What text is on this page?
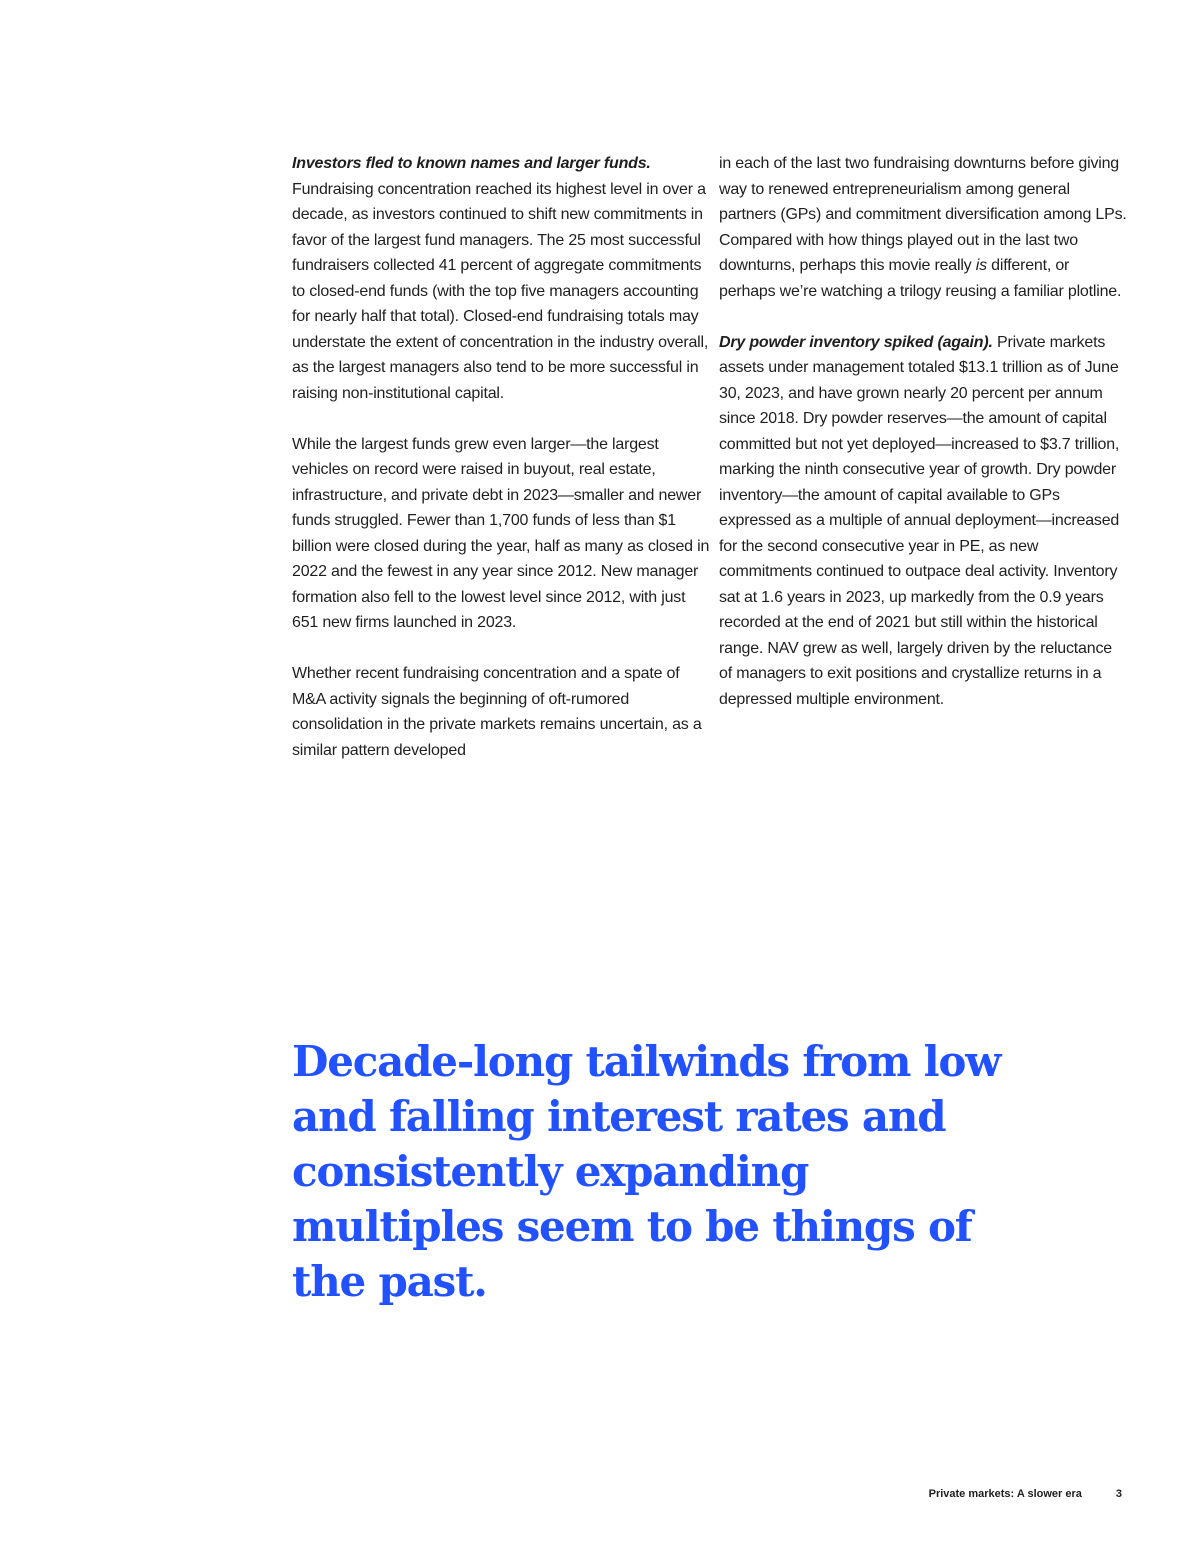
Investors fled to known names and larger funds. Fundraising concentration reached its highest level in over a decade, as investors continued to shift new commitments in favor of the largest fund managers. The 25 most successful fundraisers collected 41 percent of aggregate commitments to closed-end funds (with the top five managers accounting for nearly half that total). Closed-end fundraising totals may understate the extent of concentration in the industry overall, as the largest managers also tend to be more successful in raising non-institutional capital.

While the largest funds grew even larger—the largest vehicles on record were raised in buyout, real estate, infrastructure, and private debt in 2023—smaller and newer funds struggled. Fewer than 1,700 funds of less than $1 billion were closed during the year, half as many as closed in 2022 and the fewest in any year since 2012. New manager formation also fell to the lowest level since 2012, with just 651 new firms launched in 2023.

Whether recent fundraising concentration and a spate of M&A activity signals the beginning of oft-rumored consolidation in the private markets remains uncertain, as a similar pattern developed

in each of the last two fundraising downturns before giving way to renewed entrepreneurialism among general partners (GPs) and commitment diversification among LPs. Compared with how things played out in the last two downturns, perhaps this movie really is different, or perhaps we’re watching a trilogy reusing a familiar plotline.

Dry powder inventory spiked (again). Private markets assets under management totaled $13.1 trillion as of June 30, 2023, and have grown nearly 20 percent per annum since 2018. Dry powder reserves—the amount of capital committed but not yet deployed—increased to $3.7 trillion, marking the ninth consecutive year of growth. Dry powder inventory—the amount of capital available to GPs expressed as a multiple of annual deployment—increased for the second consecutive year in PE, as new commitments continued to outpace deal activity. Inventory sat at 1.6 years in 2023, up markedly from the 0.9 years recorded at the end of 2021 but still within the historical range. NAV grew as well, largely driven by the reluctance of managers to exit positions and crystallize returns in a depressed multiple environment.

Decade-long tailwinds from low and falling interest rates and consistently expanding multiples seem to be things of the past.

Private markets: A slower era	3
